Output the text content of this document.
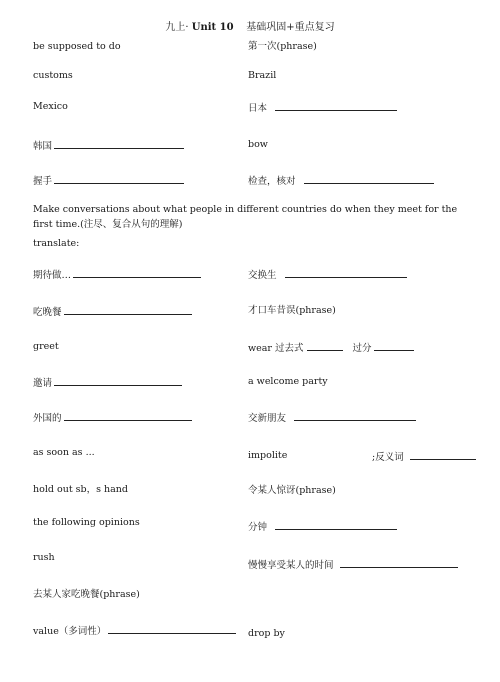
九上· Unit 10 基础巩固+重点复习
be supposed to do
customs
Mexico
韩国
握手
第一次(phrase)
Brazil
日本
bow
检查，核对
Make conversations about what people in different countries do when they meet for the first time.(注尽、复合从句的理解)
translate:
期待做…
吃晚餐
greet
邀请
外国的
as soon as ...
hold out sb，s hand
the following opinions
rush
去某人家吃晚餐(phrase)
value（多词性）
交换生
才口车昔误(phrase)
wear 过去式	过分
a welcome party
交新朋友
impolite	;反义词
令某人惊讶(phrase)
分钟
慢慢享受某人的时间
drop by
